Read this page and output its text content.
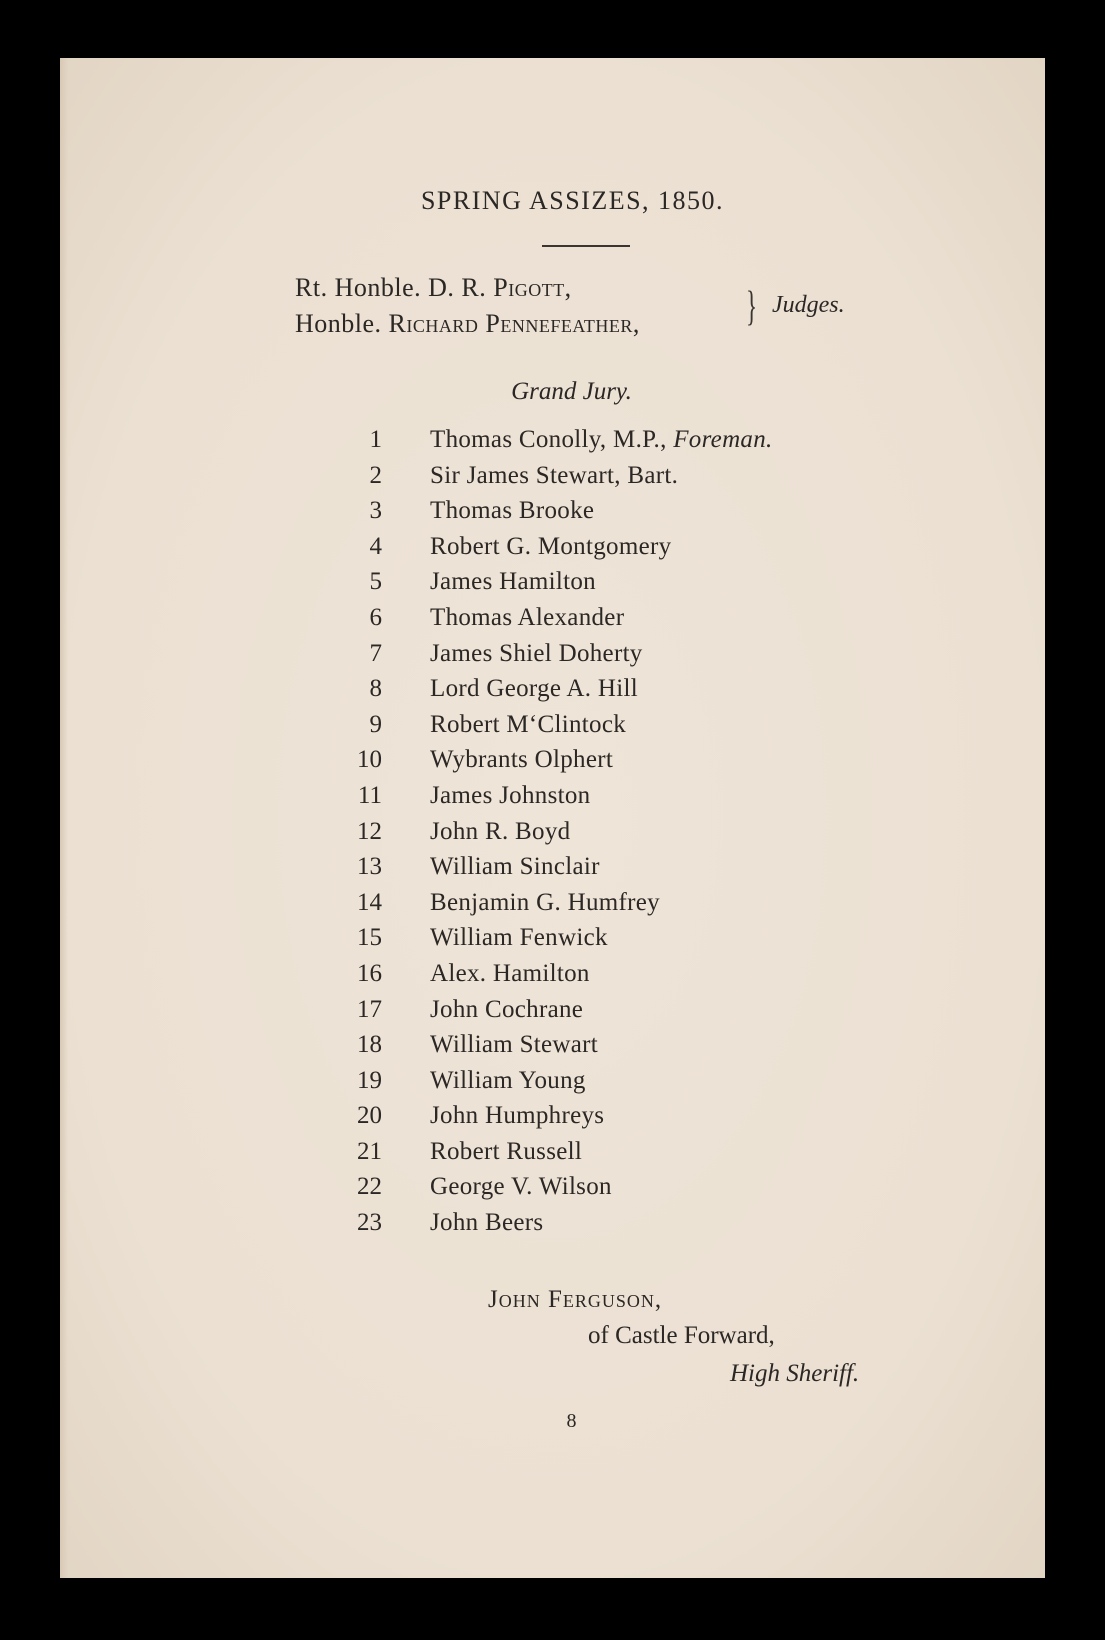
SPRING ASSIZES, 1850.
Rt. Honble. D. R. Pigott,
Honble. Richard Pennefeather,	} Judges.
Grand Jury.
1 Thomas Conolly, M.P., Foreman.
2 Sir James Stewart, Bart.
3 Thomas Brooke
4 Robert G. Montgomery
5 James Hamilton
6 Thomas Alexander
7 James Shiel Doherty
8 Lord George A. Hill
9 Robert M‘Clintock
10 Wybrants Olphert
11 James Johnston
12 John R. Boyd
13 William Sinclair
14 Benjamin G. Humfrey
15 William Fenwick
16 Alex. Hamilton
17 John Cochrane
18 William Stewart
19 William Young
20 John Humphreys
21 Robert Russell
22 George V. Wilson
23 John Beers
John Ferguson,
of Castle Forward,
High Sheriff.
8
